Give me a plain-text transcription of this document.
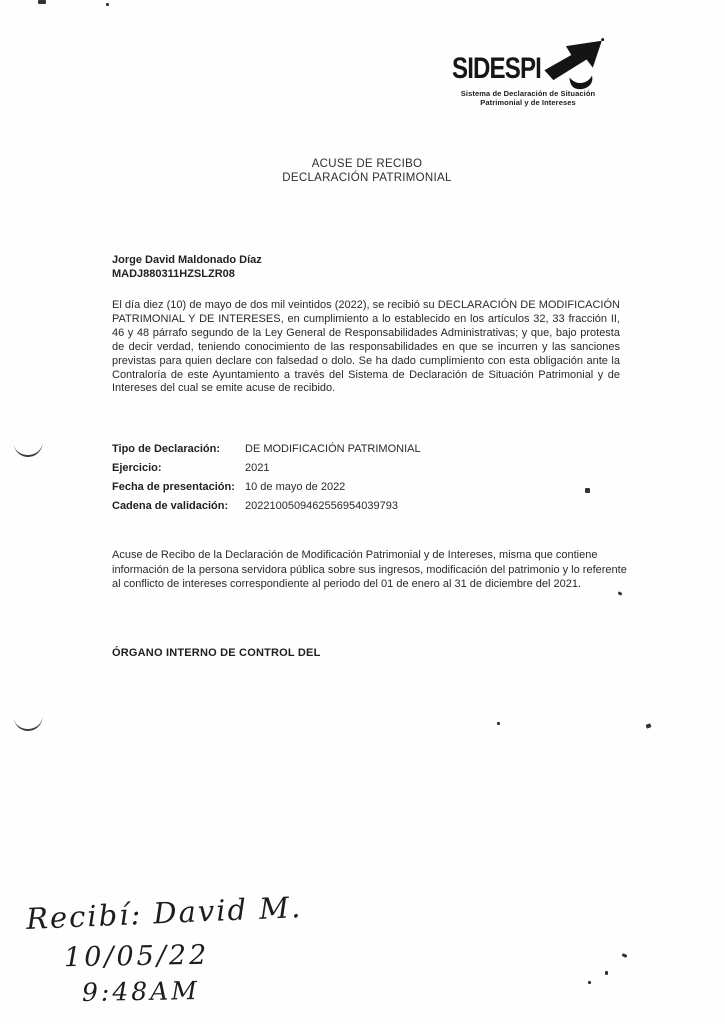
SIDESPI
Sistema de Declaración de Situación
Patrimonial y de Intereses
ACUSE DE RECIBO
DECLARACIÓN PATRIMONIAL
Jorge David Maldonado Díaz
MADJ880311HZSLZR08
El día diez (10) de mayo de dos mil veintidos (2022), se recibió su DECLARACIÓN DE MODIFICACIÓN PATRIMONIAL Y DE INTERESES, en cumplimiento a lo establecido en los artículos 32, 33 fracción II, 46 y 48 párrafo segundo de la Ley General de Responsabilidades Administrativas; y que, bajo protesta de decir verdad, teniendo conocimiento de las responsabilidades en que se incurren y las sanciones previstas para quien declare con falsedad o dolo. Se ha dado cumplimiento con esta obligación ante la Contraloría de este Ayuntamiento a través del Sistema de Declaración de Situación Patrimonial y de Intereses del cual se emite acuse de recibido.
Tipo de Declaración:	DE MODIFICACIÓN PATRIMONIAL
Ejercicio:	2021
Fecha de presentación: 10 de mayo de 2022
Cadena de validación:	2022100509462556954039793
Acuse de Recibo de la Declaración de Modificación Patrimonial y de Intereses, misma que contiene información de la persona servidora pública sobre sus ingresos, modificación del patrimonio y lo referente al conflicto de intereses correspondiente al periodo del 01 de enero al 31 de diciembre del 2021.
ÓRGANO INTERNO DE CONTROL DEL
Recibí: David M.
10/05/22
9:48AM
